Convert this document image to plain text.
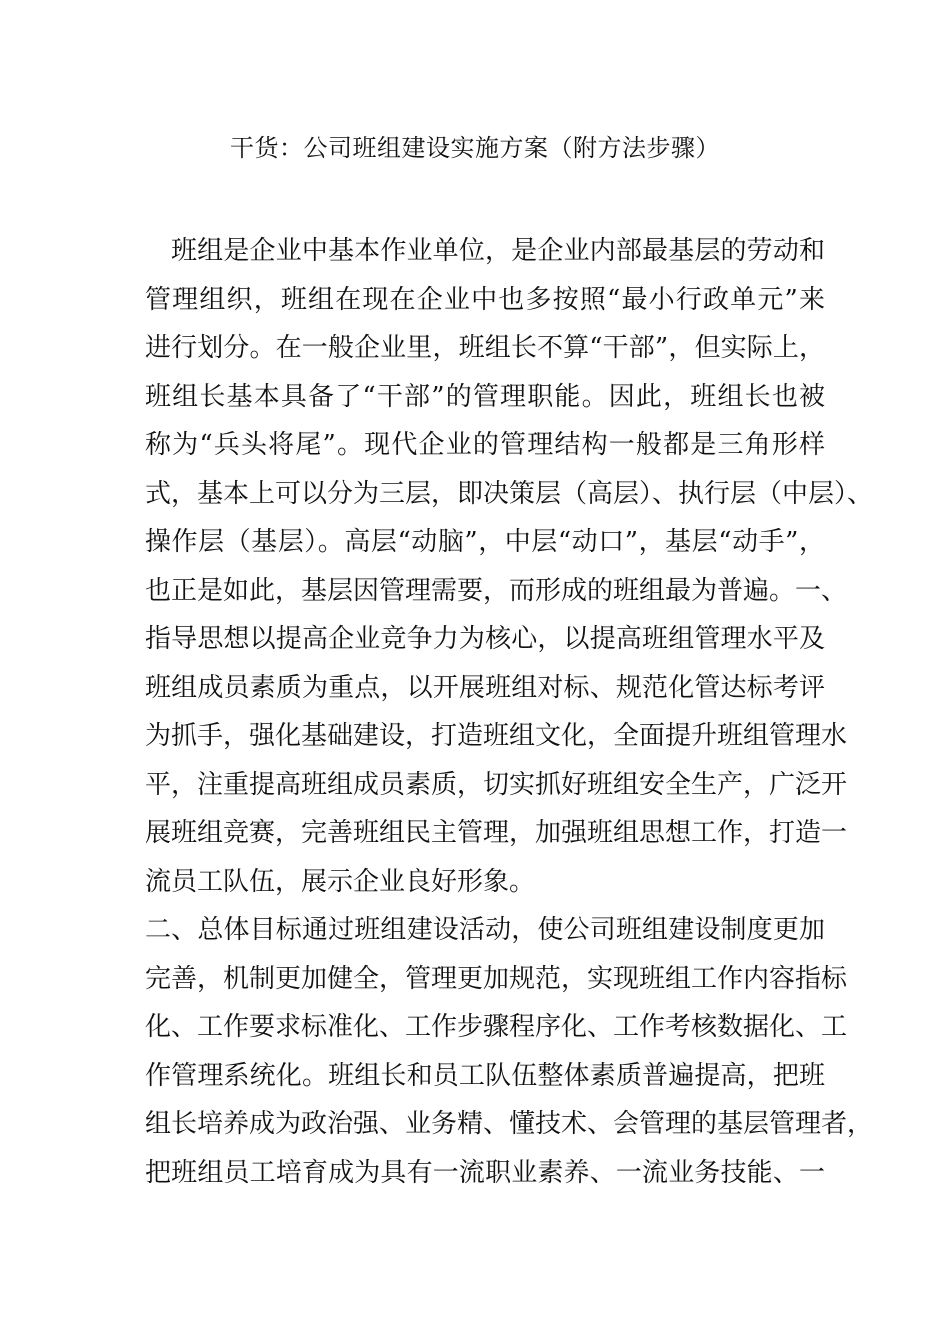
干货：公司班组建设实施方案（附方法步骤）
班组是企业中基本作业单位，是企业内部最基层的劳动和
管理组织，班组在现在企业中也多按照“最小行政单元”来
进行划分。在一般企业里，班组长不算“干部”，但实际上，
班组长基本具备了“干部”的管理职能。因此，班组长也被
称为“兵头将尾”。现代企业的管理结构一般都是三角形样
式，基本上可以分为三层，即决策层（高层）、执行层（中层）、
操作层（基层）。高层“动脑”，中层“动口”，基层“动手”，
也正是如此，基层因管理需要，而形成的班组最为普遍。一、
指导思想以提高企业竞争力为核心，以提高班组管理水平及
班组成员素质为重点，以开展班组对标、规范化管达标考评
为抓手，强化基础建设，打造班组文化，全面提升班组管理水
平，注重提高班组成员素质，切实抓好班组安全生产，广泛开
展班组竞赛，完善班组民主管理，加强班组思想工作，打造一
流员工队伍，展示企业良好形象。
二、总体目标通过班组建设活动，使公司班组建设制度更加
完善，机制更加健全，管理更加规范，实现班组工作内容指标
化、工作要求标准化、工作步骤程序化、工作考核数据化、工
作管理系统化。班组长和员工队伍整体素质普遍提高，把班
组长培养成为政治强、业务精、懂技术、会管理的基层管理者，
把班组员工培育成为具有一流职业素养、一流业务技能、一
